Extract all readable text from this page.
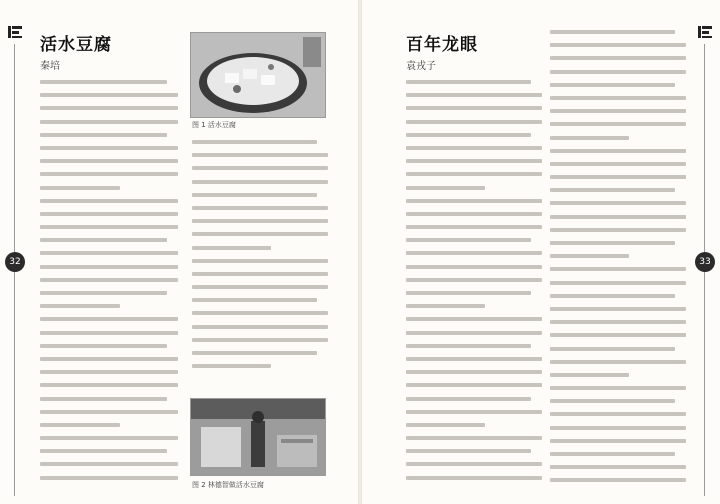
32
活水豆腐
秦培
图 1 活水豆腐
图 2 林德智做活水豆腐
33
百年龙眼
袁戎子
